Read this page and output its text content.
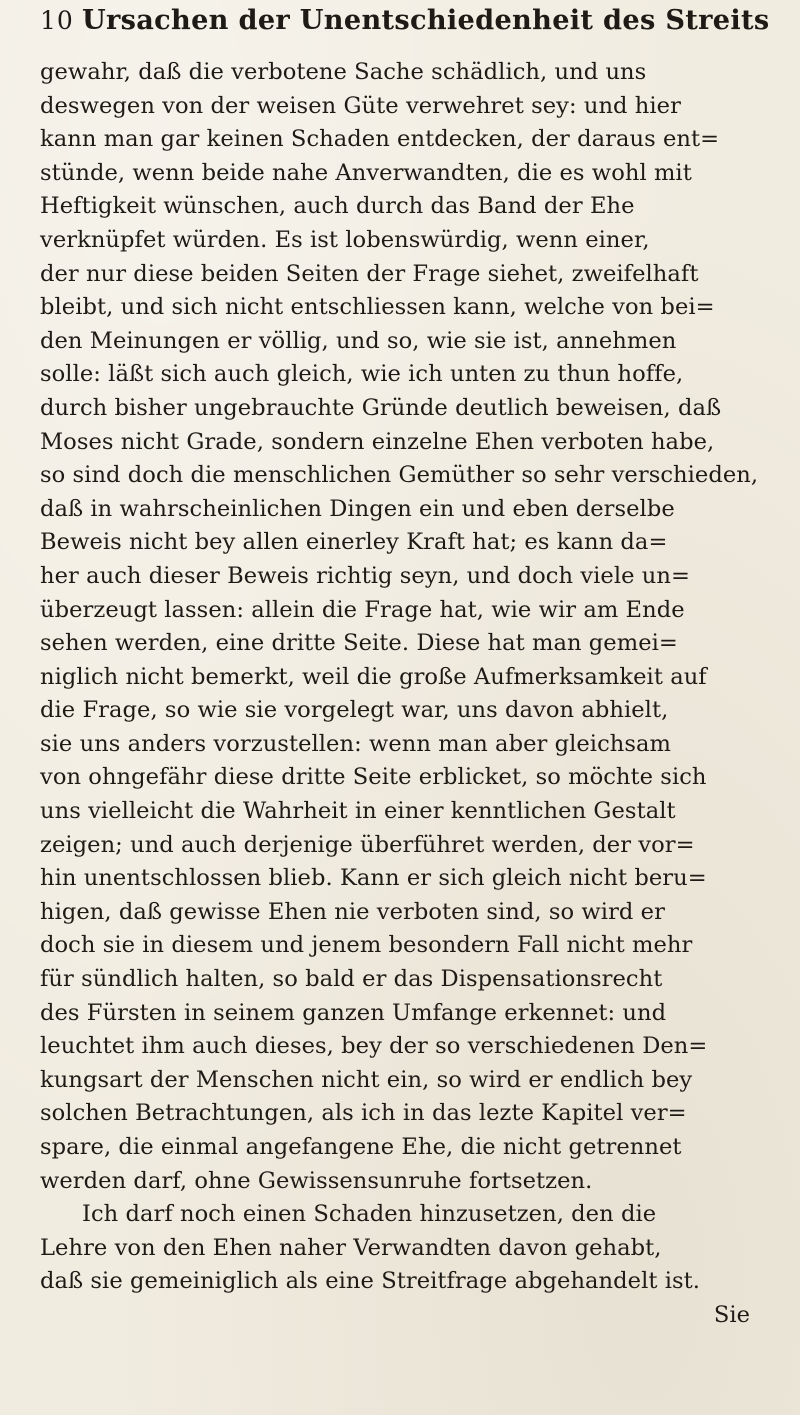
10 Ursachen der Unentschiedenheit des Streits

gewahr, daß die verbotene Sache schädlich, und uns

deswegen von der weisen Güte verwehret sey: und hier

kann man gar keinen Schaden entdecken, der daraus ent=

stünde, wenn beide nahe Anverwandten, die es wohl mit

Heftigkeit wünschen, auch durch das Band der Ehe

verknüpfet würden. Es ist lobenswürdig, wenn einer,

der nur diese beiden Seiten der Frage siehet, zweifelhaft

bleibt, und sich nicht entschliessen kann, welche von bei=

den Meinungen er völlig, und so, wie sie ist, annehmen

solle: läßt sich auch gleich, wie ich unten zu thun hoffe,

durch bisher ungebrauchte Gründe deutlich beweisen, daß

Moses nicht Grade, sondern einzelne Ehen verboten habe,

so sind doch die menschlichen Gemüther so sehr verschieden,

daß in wahrscheinlichen Dingen ein und eben derselbe

Beweis nicht bey allen einerley Kraft hat; es kann da=

her auch dieser Beweis richtig seyn, und doch viele un=

überzeugt lassen: allein die Frage hat, wie wir am Ende

sehen werden, eine dritte Seite. Diese hat man gemei=

niglich nicht bemerkt, weil die große Aufmerksamkeit auf

die Frage, so wie sie vorgelegt war, uns davon abhielt,

sie uns anders vorzustellen: wenn man aber gleichsam

von ohngefähr diese dritte Seite erblicket, so möchte sich

uns vielleicht die Wahrheit in einer kenntlichen Gestalt

zeigen; und auch derjenige überführet werden, der vor=

hin unentschlossen blieb. Kann er sich gleich nicht beru=

higen, daß gewisse Ehen nie verboten sind, so wird er

doch sie in diesem und jenem besondern Fall nicht mehr

für sündlich halten, so bald er das Dispensationsrecht

des Fürsten in seinem ganzen Umfange erkennet: und

leuchtet ihm auch dieses, bey der so verschiedenen Den=

kungsart der Menschen nicht ein, so wird er endlich bey

solchen Betrachtungen, als ich in das lezte Kapitel ver=

spare, die einmal angefangene Ehe, die nicht getrennet

werden darf, ohne Gewissensunruhe fortsetzen.

Ich darf noch einen Schaden hinzusetzen, den die

Lehre von den Ehen naher Verwandten davon gehabt,

daß sie gemeiniglich als eine Streitfrage abgehandelt ist.

Sie
